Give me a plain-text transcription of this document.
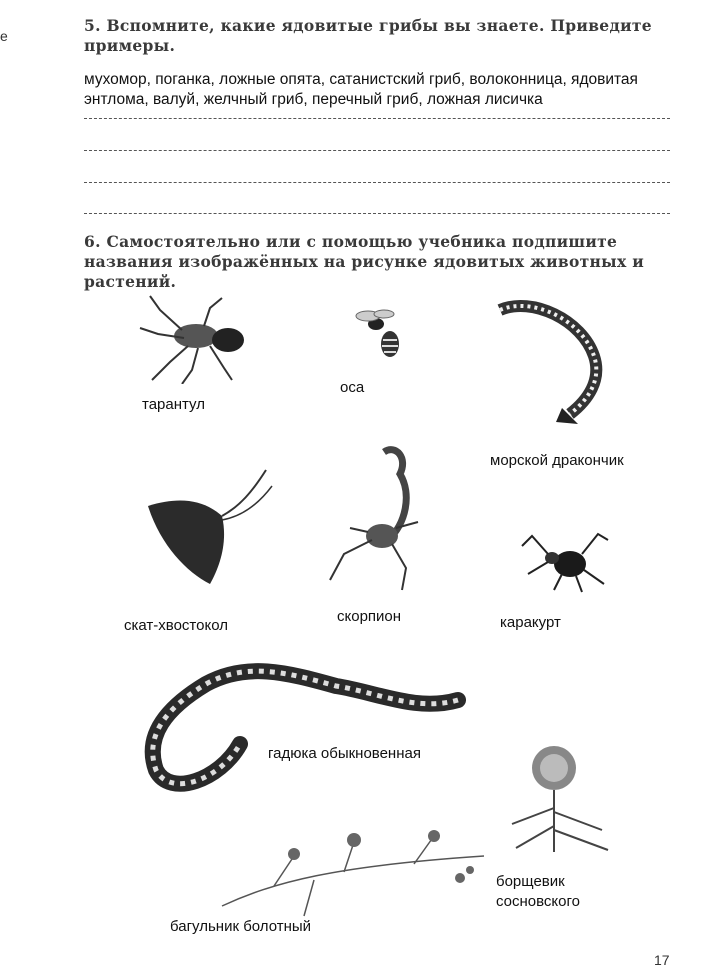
е
5. Вспомните, какие ядовитые грибы вы знаете. Приведите примеры.
мухомор, поганка, ложные опята, сатанистский гриб, волоконница, ядовитая энтлома, валуй, желчный гриб, перечный гриб, ложная лисичка
6. Самостоятельно или с помощью учебника подпишите названия изображённых на рисунке ядовитых животных и растений.
тарантул
оса
морской дракончик
скат-хвостокол
скорпион	каракурт
гадюка обыкновенная
борщевик
сосновского
багульник болотный
17
